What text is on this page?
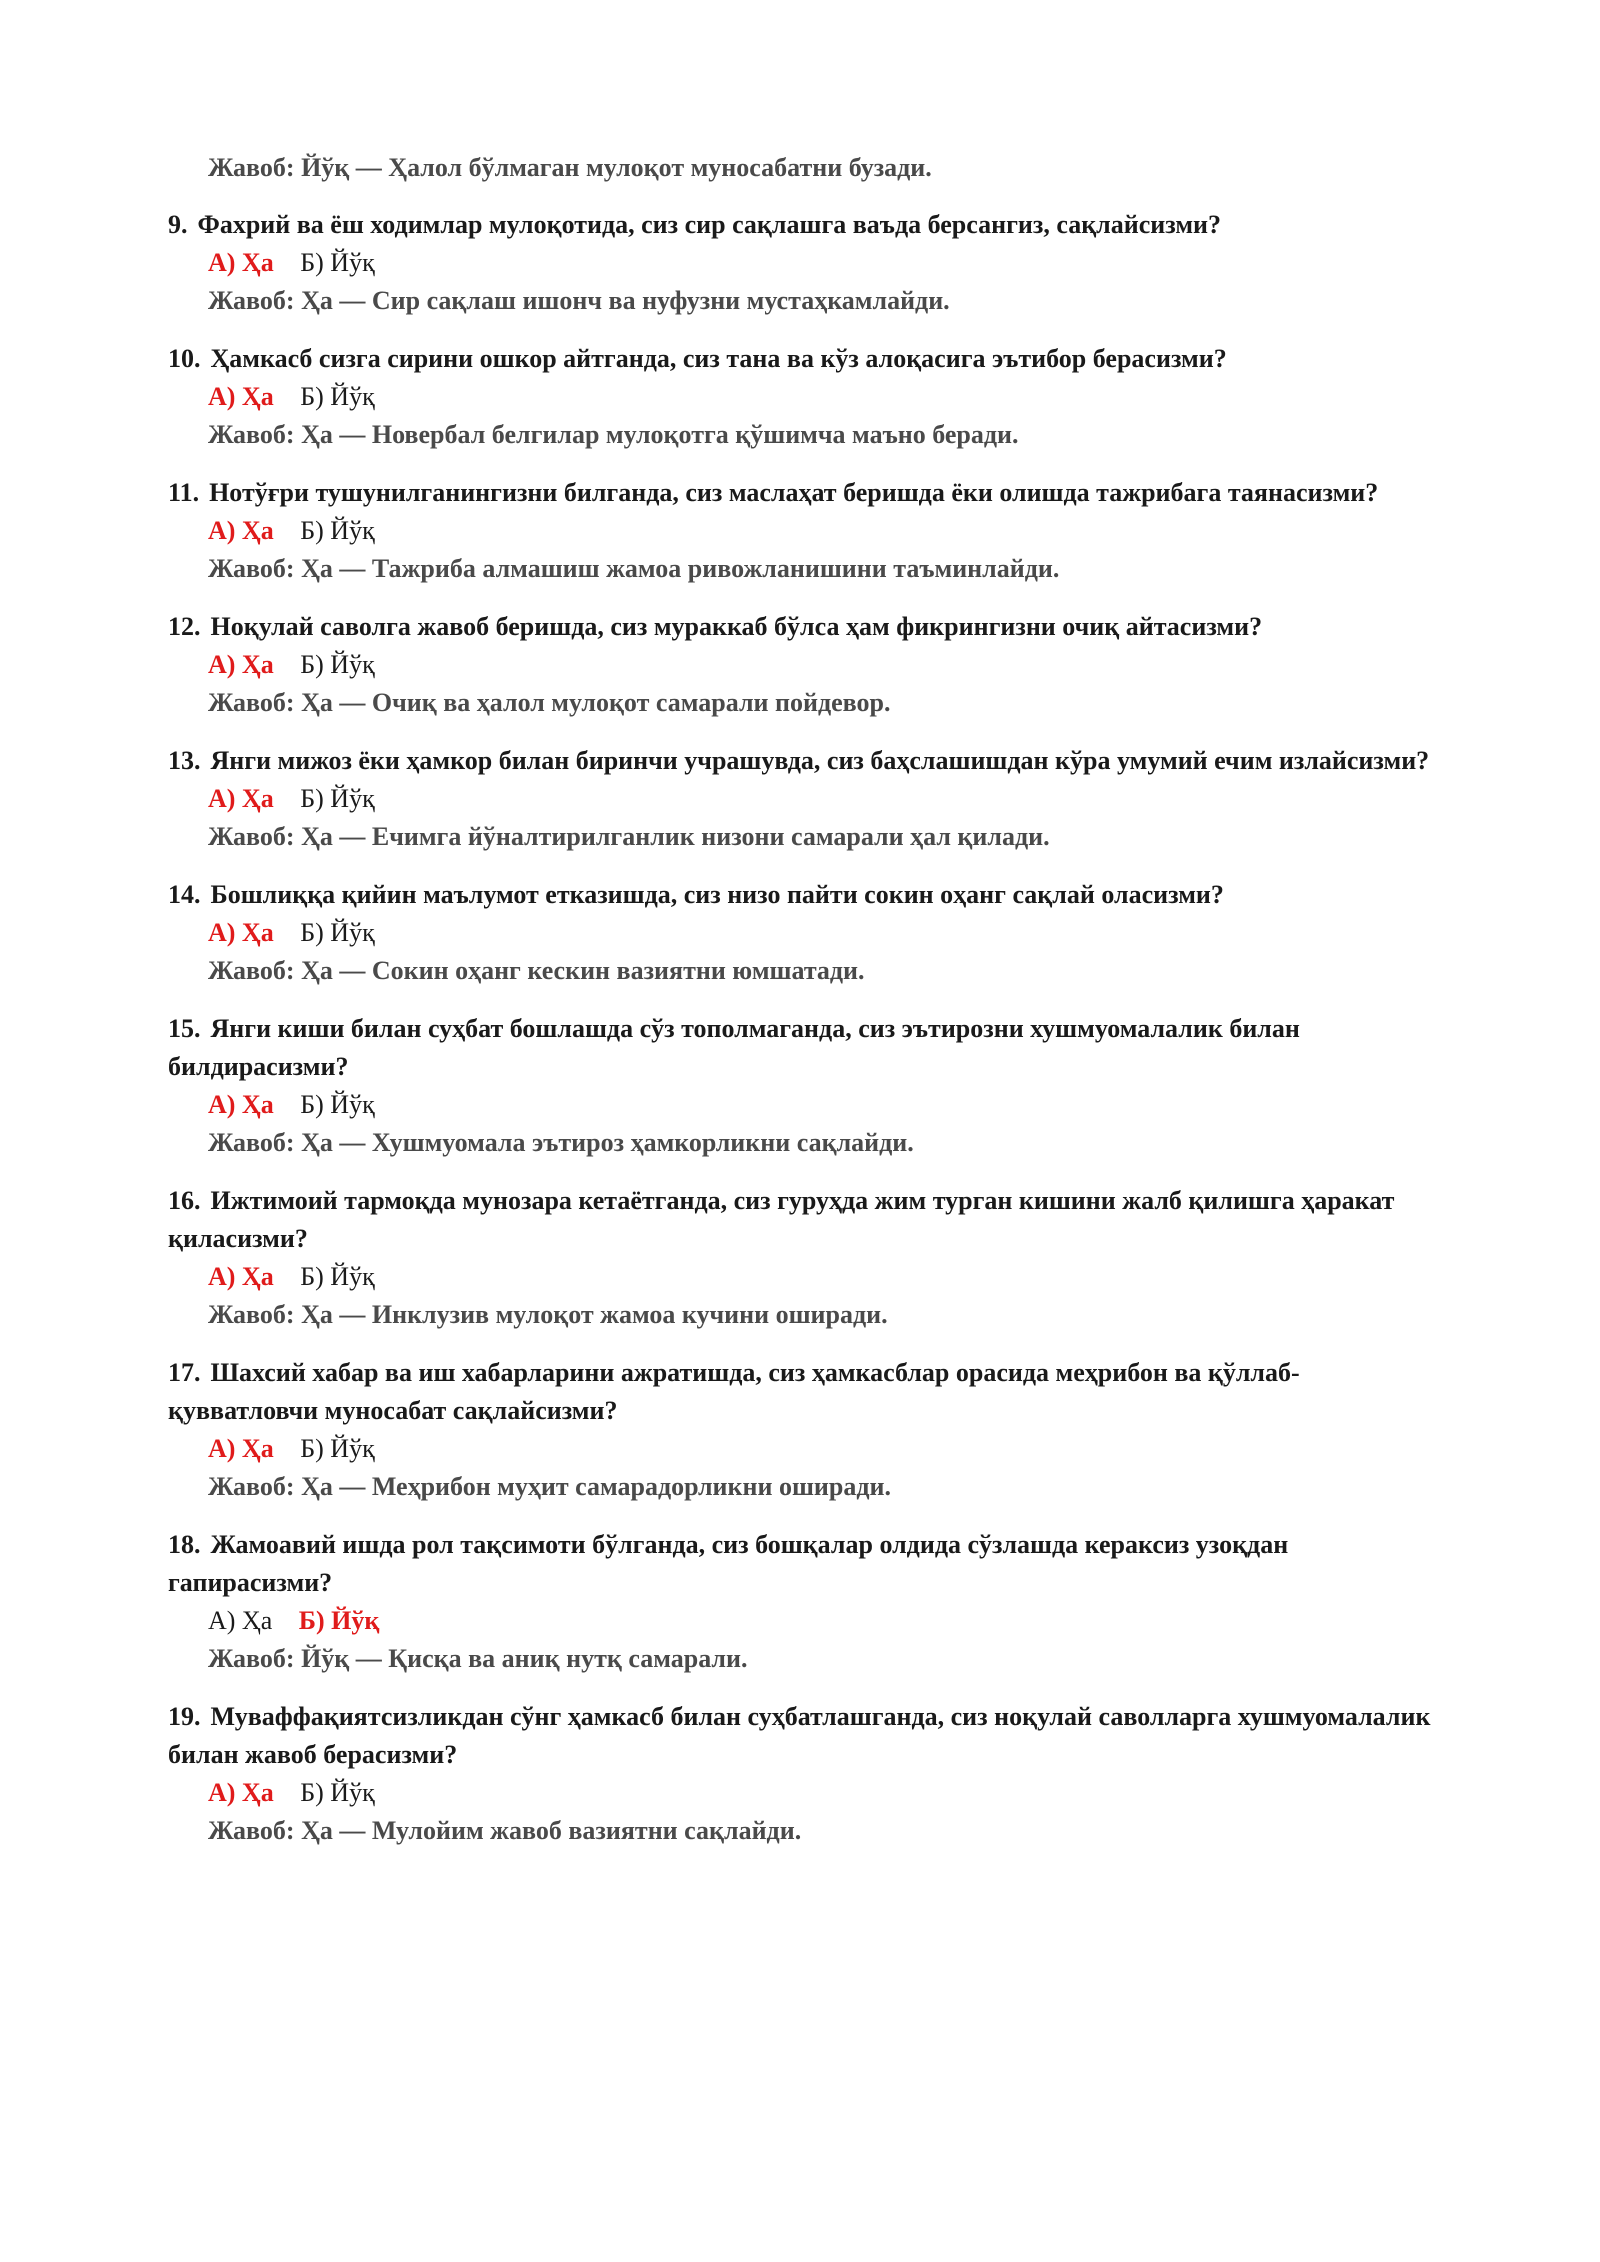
Жавоб: Йўқ — Ҳалол бўлмаган мулоқот муносабатни бузади.
9. Фахрий ва ёш ходимлар мулоқотида, сиз сир сақлашга ваъда берсангиз, сақлайсизми?
А) Ҳа Б) Йўқ
Жавоб: Ҳа — Сир сақлаш ишонч ва нуфузни мустаҳкамлайди.
10. Ҳамкасб сизга сирини ошкор айтганда, сиз тана ва кўз алоқасига эътибор берасизми?
А) Ҳа Б) Йўқ
Жавоб: Ҳа — Новербал белгилар мулоқотга қўшимча маъно беради.
11. Нотўғри тушунилганингизни билганда, сиз маслаҳат беришда ёки олишда тажрибага таянасизми?
А) Ҳа Б) Йўқ
Жавоб: Ҳа — Тажриба алмашиш жамоа ривожланишини таъминлайди.
12. Ноқулай саволга жавоб беришда, сиз мураккаб бўлса ҳам фикрингизни очиқ айтасизми?
А) Ҳа Б) Йўқ
Жавоб: Ҳа — Очиқ ва ҳалол мулоқот самарали пойдевор.
13. Янги мижоз ёки ҳамкор билан биринчи учрашувда, сиз баҳслашишдан кўра умумий ечим излайсизми?
А) Ҳа Б) Йўқ
Жавоб: Ҳа — Ечимга йўналтирилганлик низони самарали ҳал қилади.
14. Бошлиққа қийин маълумот етказишда, сиз низо пайти сокин оҳанг сақлай оласизми?
А) Ҳа Б) Йўқ
Жавоб: Ҳа — Сокин оҳанг кескин вазиятни юмшатади.
15. Янги киши билан суҳбат бошлашда сўз тополмаганда, сиз эътирозни хушмуомалалик билан билдирасизми?
А) Ҳа Б) Йўқ
Жавоб: Ҳа — Хушмуомала эътироз ҳамкорликни сақлайди.
16. Ижтимоий тармоқда мунозара кетаётганда, сиз гуруҳда жим турган кишини жалб қилишга ҳаракат қиласизми?
А) Ҳа Б) Йўқ
Жавоб: Ҳа — Инклузив мулоқот жамоа кучини оширади.
17. Шахсий хабар ва иш хабарларини ажратишда, сиз ҳамкасблар орасида меҳрибон ва қўллаб-қувватловчи муносабат сақлайсизми?
А) Ҳа Б) Йўқ
Жавоб: Ҳа — Меҳрибон муҳит самарадорликни оширади.
18. Жамоавий ишда рол тақсимоти бўлганда, сиз бошқалар олдида сўзлашда кераксиз узоқдан гапирасизми?
А) Ҳа Б) Йўқ
Жавоб: Йўқ — Қисқа ва аниқ нутқ самарали.
19. Муваффақиятсизликдан сўнг ҳамкасб билан суҳбатлашганда, сиз ноқулай саволларга хушмуомалалик билан жавоб берасизми?
А) Ҳа Б) Йўқ
Жавоб: Ҳа — Мулойим жавоб вазиятни сақлайди.
